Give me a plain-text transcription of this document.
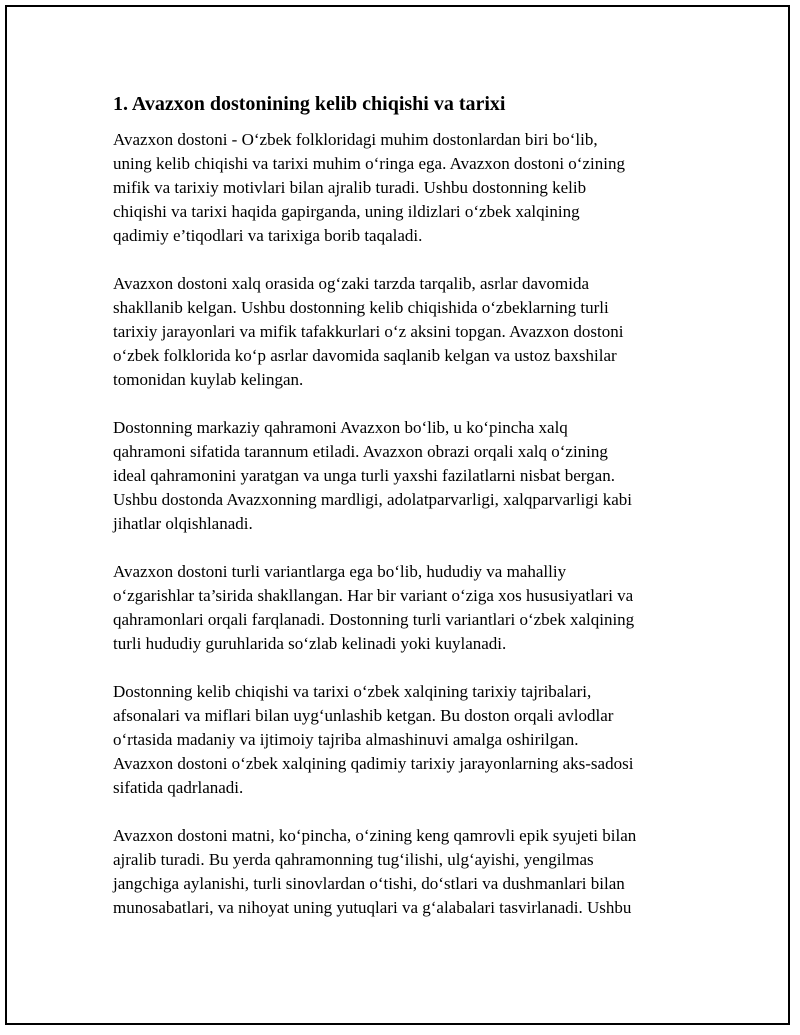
1. Avazxon dostonining kelib chiqishi va tarixi
Avazxon dostoni - O‘zbek folkloridagi muhim dostonlardan biri bo‘lib,
uning kelib chiqishi va tarixi muhim o‘ringa ega. Avazxon dostoni o‘zining
mifik va tarixiy motivlari bilan ajralib turadi. Ushbu dostonning kelib
chiqishi va tarixi haqida gapirganda, uning ildizlari o‘zbek xalqining
qadimiy e’tiqodlari va tarixiga borib taqaladi.
Avazxon dostoni xalq orasida og‘zaki tarzda tarqalib, asrlar davomida
shakllanib kelgan. Ushbu dostonning kelib chiqishida o‘zbeklarning turli
tarixiy jarayonlari va mifik tafakkurlari o‘z aksini topgan. Avazxon dostoni
o‘zbek folklorida ko‘p asrlar davomida saqlanib kelgan va ustoz baxshilar
tomonidan kuylab kelingan.
Dostonning markaziy qahramoni Avazxon bo‘lib, u ko‘pincha xalq
qahramoni sifatida tarannum etiladi. Avazxon obrazi orqali xalq o‘zining
ideal qahramonini yaratgan va unga turli yaxshi fazilatlarni nisbat bergan.
Ushbu dostonda Avazxonning mardligi, adolatparvarligi, xalqparvarligi kabi
jihatlar olqishlanadi.
Avazxon dostoni turli variantlarga ega bo‘lib, hududiy va mahalliy
o‘zgarishlar ta’sirida shakllangan. Har bir variant o‘ziga xos hususiyatlari va
qahramonlari orqali farqlanadi. Dostonning turli variantlari o‘zbek xalqining
turli hududiy guruhlarida so‘zlab kelinadi yoki kuylanadi.
Dostonning kelib chiqishi va tarixi o‘zbek xalqining tarixiy tajribalari,
afsonalari va miflari bilan uyg‘unlashib ketgan. Bu doston orqali avlodlar
o‘rtasida madaniy va ijtimoiy tajriba almashinuvi amalga oshirilgan.
Avazxon dostoni o‘zbek xalqining qadimiy tarixiy jarayonlarning aks-sadosi
sifatida qadrlanadi.
Avazxon dostoni matni, ko‘pincha, o‘zining keng qamrovli epik syujeti bilan
ajralib turadi. Bu yerda qahramonning tug‘ilishi, ulg‘ayishi, yengilmas
jangchiga aylanishi, turli sinovlardan o‘tishi, do‘stlari va dushmanlari bilan
munosabatlari, va nihoyat uning yutuqlari va g‘alabalari tasvirlanadi. Ushbu
